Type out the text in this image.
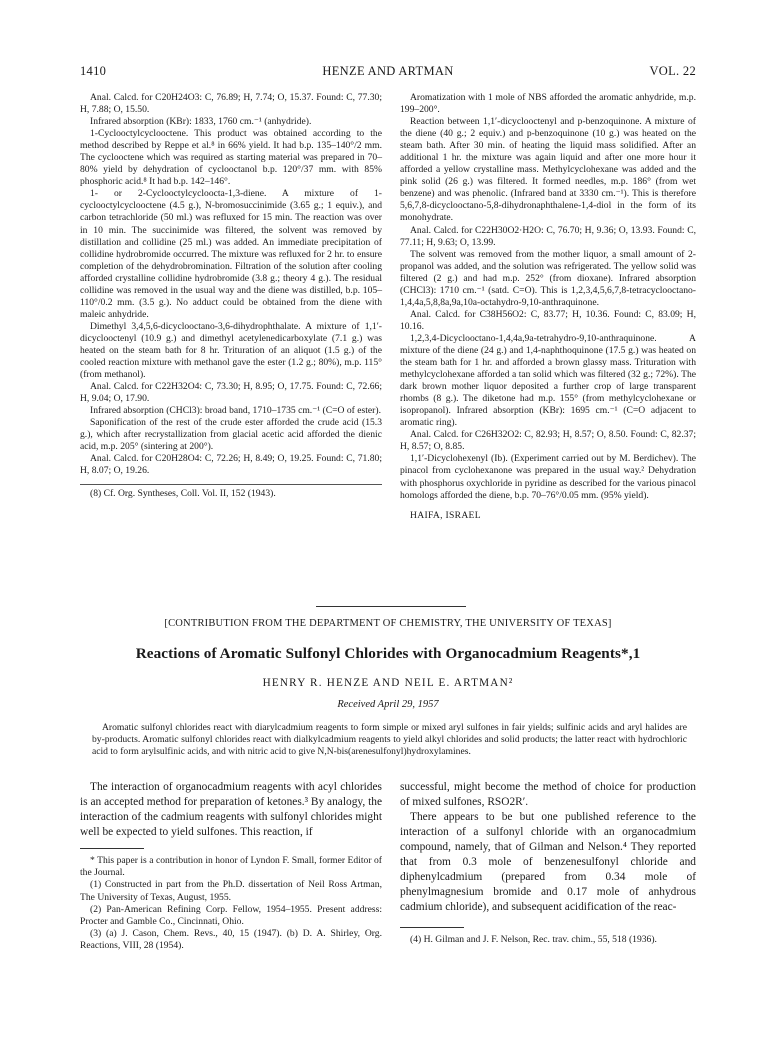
1410	HENZE AND ARTMAN	VOL. 22

Anal. Calcd. for C20H24O3: C, 76.89; H, 7.74; O, 15.37. Found: C, 77.30; H, 7.88; O, 15.50.

Infrared absorption (KBr): 1833, 1760 cm.⁻¹ (anhydride).

1-Cyclooctylcyclooctene. This product was obtained according to the method described by Reppe et al.⁸ in 66% yield. It had b.p. 135–140°/2 mm. The cyclooctene which was required as starting material was prepared in 70–80% yield by dehydration of cyclooctanol b.p. 120°/37 mm. with 85% phosphoric acid.⁸ It had b.p. 142–146°.

1- or 2-Cyclooctylcycloocta-1,3-diene. A mixture of 1-cyclooctylcyclooctene (4.5 g.), N-bromosuccinimide (3.65 g.; 1 equiv.), and carbon tetrachloride (50 ml.) was refluxed for 15 min. The reaction was over in 10 min. The succinimide was filtered, the solvent was removed by distillation and collidine (25 ml.) was added. An immediate precipitation of collidine hydrobromide occurred. The mixture was refluxed for 2 hr. to ensure completion of the dehydrobromination. Filtration of the solution after cooling afforded crystalline collidine hydrobromide (3.8 g.; theory 4 g.). The residual collidine was removed in the usual way and the diene was distilled, b.p. 105–110°/0.2 mm. (3.5 g.). No adduct could be obtained from the diene with maleic anhydride.

Dimethyl 3,4,5,6-dicyclooctano-3,6-dihydrophthalate. A mixture of 1,1′-dicyclooctenyl (10.9 g.) and dimethyl acetylenedicarboxylate (7.1 g.) was heated on the steam bath for 8 hr. Trituration of an aliquot (1.5 g.) of the cooled reaction mixture with methanol gave the ester (1.2 g.; 80%), m.p. 115° (from methanol).

Anal. Calcd. for C22H32O4: C, 73.30; H, 8.95; O, 17.75. Found: C, 72.66; H, 9.04; O, 17.90.

Infrared absorption (CHCl3): broad band, 1710–1735 cm.⁻¹ (C=O of ester).

Saponification of the rest of the crude ester afforded the crude acid (15.3 g.), which after recrystallization from glacial acetic acid afforded the dienic acid, m.p. 205° (sintering at 200°).

Anal. Calcd. for C20H28O4: C, 72.26; H, 8.49; O, 19.25. Found: C, 71.80; H, 8.07; O, 19.26.

(8) Cf. Org. Syntheses, Coll. Vol. II, 152 (1943).

Aromatization with 1 mole of NBS afforded the aromatic anhydride, m.p. 199–200°.

Reaction between 1,1′-dicyclooctenyl and p-benzoquinone. A mixture of the diene (40 g.; 2 equiv.) and p-benzoquinone (10 g.) was heated on the steam bath. After 30 min. of heating the liquid mass solidified. After an additional 1 hr. the mixture was again liquid and after one more hour it afforded a yellow crystalline mass. Methylcyclohexane was added and the pink solid (26 g.) was filtered. It formed needles, m.p. 186° (from wet benzene) and was phenolic. (Infrared band at 3330 cm.⁻¹). This is therefore 5,6,7,8-dicyclooctano-5,8-dihydronaphthalene-1,4-diol in the form of its monohydrate.

Anal. Calcd. for C22H30O2·H2O: C, 76.70; H, 9.36; O, 13.93. Found: C, 77.11; H, 9.63; O, 13.99.

The solvent was removed from the mother liquor, a small amount of 2-propanol was added, and the solution was refrigerated. The yellow solid was filtered (2 g.) and had m.p. 252° (from dioxane). Infrared absorption (CHCl3): 1710 cm.⁻¹ (satd. C=O). This is 1,2,3,4,5,6,7,8-tetracyclooctano-1,4,4a,5,8,8a,9a,10a-octahydro-9,10-anthraquinone.

Anal. Calcd. for C38H56O2: C, 83.77; H, 10.36. Found: C, 83.09; H, 10.16.

1,2,3,4-Dicyclooctano-1,4,4a,9a-tetrahydro-9,10-anthraquinone. A mixture of the diene (24 g.) and 1,4-naphthoquinone (17.5 g.) was heated on the steam bath for 1 hr. and afforded a brown glassy mass. Trituration with methylcyclohexane afforded a tan solid which was filtered (32 g.; 72%). The dark brown mother liquor deposited a further crop of large transparent rhombs (8 g.). The diketone had m.p. 155° (from methylcyclohexane or isopropanol). Infrared absorption (KBr): 1695 cm.⁻¹ (C=O adjacent to aromatic ring).

Anal. Calcd. for C26H32O2: C, 82.93; H, 8.57; O, 8.50. Found: C, 82.37; H, 8.57; O, 8.85.

1,1′-Dicyclohexenyl (Ib). (Experiment carried out by M. Berdichev). The pinacol from cyclohexanone was prepared in the usual way.² Dehydration with phosphorus oxychloride in pyridine as described for the various pinacol homologs afforded the diene, b.p. 70–76°/0.05 mm. (95% yield).

HAIFA, ISRAEL

[CONTRIBUTION FROM THE DEPARTMENT OF CHEMISTRY, THE UNIVERSITY OF TEXAS]
Reactions of Aromatic Sulfonyl Chlorides with Organocadmium Reagents*,1
HENRY R. HENZE AND NEIL E. ARTMAN²
Received April 29, 1957

Aromatic sulfonyl chlorides react with diarylcadmium reagents to form simple or mixed aryl sulfones in fair yields; sulfinic acids and aryl halides are by-products. Aromatic sulfonyl chlorides react with dialkylcadmium reagents to yield alkyl chlorides and solid products; the latter react with hydrochloric acid to form arylsulfinic acids, and with nitric acid to give N,N-bis(arenesulfonyl)hydroxylamines.

The interaction of organocadmium reagents with acyl chlorides is an accepted method for preparation of ketones.³ By analogy, the interaction of the cadmium reagents with sulfonyl chlorides might well be expected to yield sulfones. This reaction, if

* This paper is a contribution in honor of Lyndon F. Small, former Editor of the Journal.

(1) Constructed in part from the Ph.D. dissertation of Neil Ross Artman, The University of Texas, August, 1955.

(2) Pan-American Refining Corp. Fellow, 1954–1955. Present address: Procter and Gamble Co., Cincinnati, Ohio.

(3) (a) J. Cason, Chem. Revs., 40, 15 (1947). (b) D. A. Shirley, Org. Reactions, VIII, 28 (1954).

successful, might become the method of choice for production of mixed sulfones, RSO2R′.

There appears to be but one published reference to the interaction of a sulfonyl chloride with an organocadmium compound, namely, that of Gilman and Nelson.⁴ They reported that from 0.3 mole of benzenesulfonyl chloride and diphenylcadmium (prepared from 0.34 mole of phenylmagnesium bromide and 0.17 mole of anhydrous cadmium chloride), and subsequent acidification of the reac-

(4) H. Gilman and J. F. Nelson, Rec. trav. chim., 55, 518 (1936).
